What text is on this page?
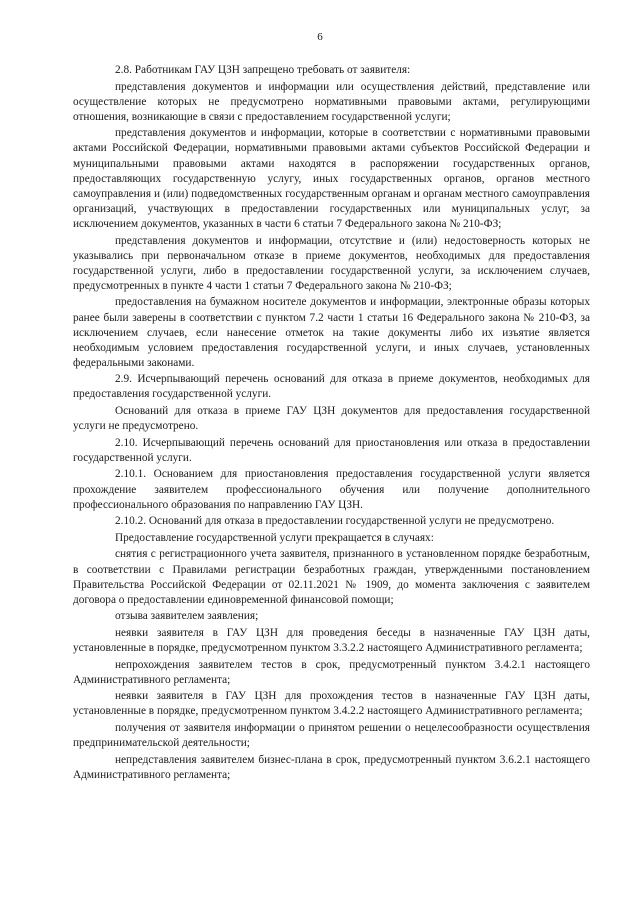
6

2.8. Работникам ГАУ ЦЗН запрещено требовать от заявителя:

представления документов и информации или осуществления действий, представление или осуществление которых не предусмотрено нормативными правовыми актами, регулирующими отношения, возникающие в связи с предоставлением государственной услуги;

представления документов и информации, которые в соответствии с нормативными правовыми актами Российской Федерации, нормативными правовыми актами субъектов Российской Федерации и муниципальными правовыми актами находятся в распоряжении государственных органов, предоставляющих государственную услугу, иных государственных органов, органов местного самоуправления и (или) подведомственных государственным органам и органам местного самоуправления организаций, участвующих в предоставлении государственных или муниципальных услуг, за исключением документов, указанных в части 6 статьи 7 Федерального закона № 210-ФЗ;

представления документов и информации, отсутствие и (или) недостоверность которых не указывались при первоначальном отказе в приеме документов, необходимых для предоставления государственной услуги, либо в предоставлении государственной услуги, за исключением случаев, предусмотренных в пункте 4 части 1 статьи 7 Федерального закона № 210-ФЗ;

предоставления на бумажном носителе документов и информации, электронные образы которых ранее были заверены в соответствии с пунктом 7.2 части 1 статьи 16 Федерального закона № 210-ФЗ, за исключением случаев, если нанесение отметок на такие документы либо их изъятие является необходимым условием предоставления государственной услуги, и иных случаев, установленных федеральными законами.

2.9. Исчерпывающий перечень оснований для отказа в приеме документов, необходимых для предоставления государственной услуги.

Оснований для отказа в приеме ГАУ ЦЗН документов для предоставления государственной услуги не предусмотрено.

2.10. Исчерпывающий перечень оснований для приостановления или отказа в предоставлении государственной услуги.

2.10.1. Основанием для приостановления предоставления государственной услуги является прохождение заявителем профессионального обучения или получение дополнительного профессионального образования по направлению ГАУ ЦЗН.

2.10.2. Оснований для отказа в предоставлении государственной услуги не предусмотрено.

Предоставление государственной услуги прекращается в случаях:

снятия с регистрационного учета заявителя, признанного в установленном порядке безработным, в соответствии с Правилами регистрации безработных граждан, утвержденными постановлением Правительства Российской Федерации от 02.11.2021 № 1909, до момента заключения с заявителем договора о предоставлении единовременной финансовой помощи;

отзыва заявителем заявления;

неявки заявителя в ГАУ ЦЗН для проведения беседы в назначенные ГАУ ЦЗН даты, установленные в порядке, предусмотренном пунктом 3.3.2.2 настоящего Административного регламента;

непрохождения заявителем тестов в срок, предусмотренный пунктом 3.4.2.1 настоящего Административного регламента;

неявки заявителя в ГАУ ЦЗН для прохождения тестов в назначенные ГАУ ЦЗН даты, установленные в порядке, предусмотренном пунктом 3.4.2.2 настоящего Административного регламента;

получения от заявителя информации о принятом решении о нецелесообразности осуществления предпринимательской деятельности;

непредставления заявителем бизнес-плана в срок, предусмотренный пунктом 3.6.2.1 настоящего Административного регламента;
